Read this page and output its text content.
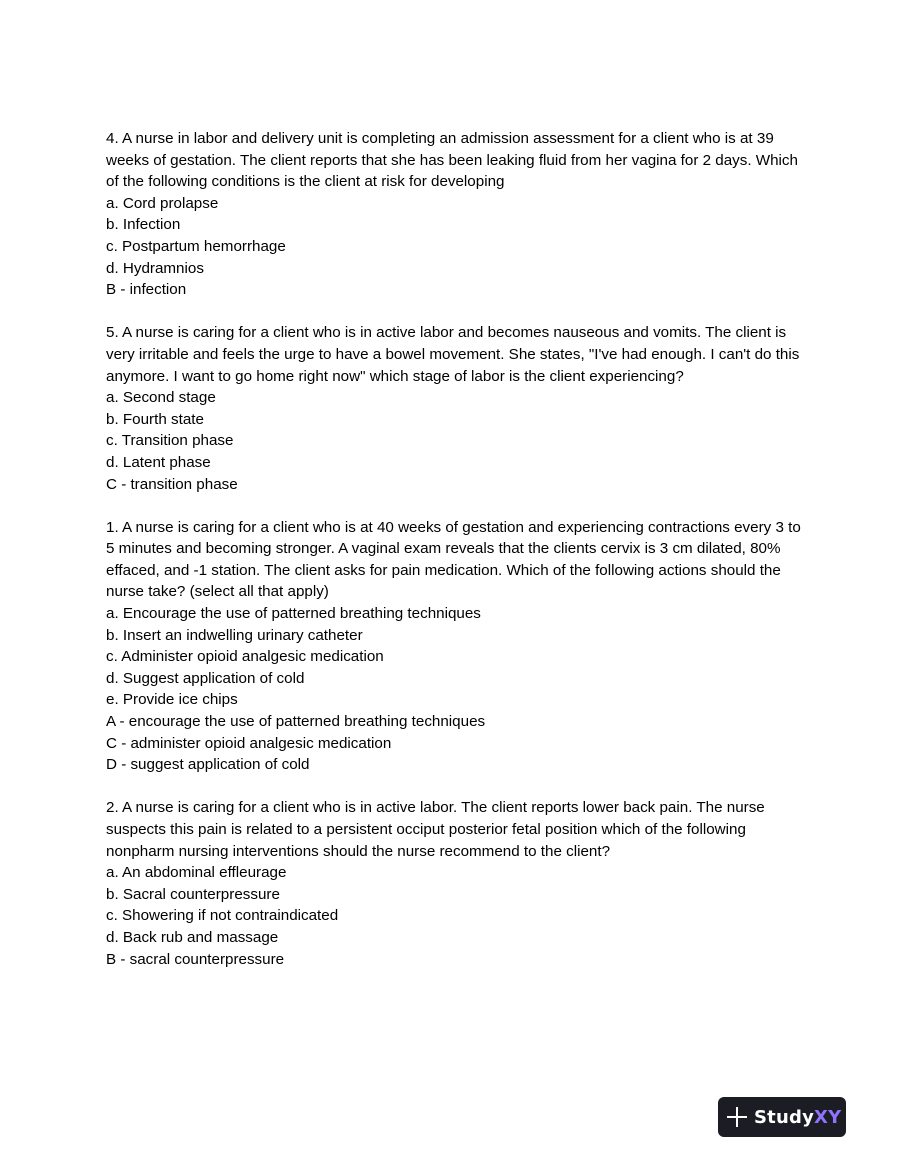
4. A nurse in labor and delivery unit is completing an admission assessment for a client who is at 39 weeks of gestation. The client reports that she has been leaking fluid from her vagina for 2 days. Which of the following conditions is the client at risk for developing

a. Cord prolapse
b. Infection
c. Postpartum hemorrhage
d. Hydramnios
B - infection

5. A nurse is caring for a client who is in active labor and becomes nauseous and vomits. The client is very irritable and feels the urge to have a bowel movement. She states, "I've had enough. I can't do this anymore. I want to go home right now" which stage of labor is the client experiencing?

a. Second stage
b. Fourth state
c. Transition phase
d. Latent phase
C - transition phase

1. A nurse is caring for a client who is at 40 weeks of gestation and experiencing contractions every 3 to 5 minutes and becoming stronger. A vaginal exam reveals that the clients cervix is 3 cm dilated, 80% effaced, and -1 station. The client asks for pain medication. Which of the following actions should the nurse take? (select all that apply)

a. Encourage the use of patterned breathing techniques
b. Insert an indwelling urinary catheter
c. Administer opioid analgesic medication
d. Suggest application of cold
e. Provide ice chips
A - encourage the use of patterned breathing techniques
C - administer opioid analgesic medication
D - suggest application of cold

2. A nurse is caring for a client who is in active labor. The client reports lower back pain. The nurse suspects this pain is related to a persistent occiput posterior fetal position which of the following nonpharm nursing interventions should the nurse recommend to the client?

a. An abdominal effleurage
b. Sacral counterpressure
c. Showering if not contraindicated
d. Back rub and massage
B - sacral counterpressure
StudyXY
